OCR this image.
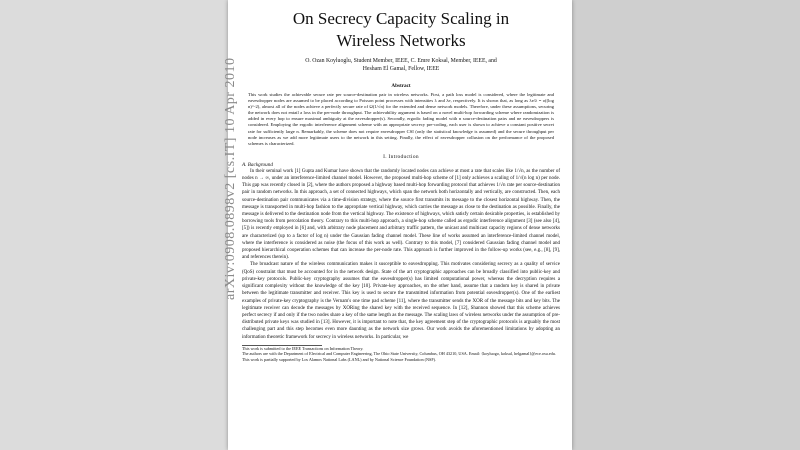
On Secrecy Capacity Scaling in
Wireless Networks
O. Ozan Koyluoglu, Student Member, IEEE, C. Emre Koksal, Member, IEEE, and
Hesham El Gamal, Fellow, IEEE
Abstract
This work studies the achievable secure rate per source-destination pair in wireless networks. First, a path loss model is considered, where the legitimate and eavesdropper nodes are assumed to be placed according to Poisson point processes with intensities λ and λe, respectively. It is shown that, as long as λe/λ = o((log n)^-2), almost all of the nodes achieve a perfectly secure rate of Ω(1/√n) for the extended and dense network models. Therefore, under these assumptions, securing the network does not entail a loss in the per-node throughput. The achievability argument is based on a novel multi-hop forwarding scheme where randomization is added in every hop to ensure maximal ambiguity at the eavesdropper(s). Secondly, ergodic fading model with n source-destination pairs and ne eavesdroppers is considered. Employing the ergodic interference alignment scheme with an appropriate secrecy pre-coding, each user is shown to achieve a constant positive secret rate for sufficiently large n. Remarkably, the scheme does not require eavesdropper CSI (only the statistical knowledge is assumed) and the secure throughput per node increases as we add more legitimate users to the network in this setting. Finally, the effect of eavesdropper collusion on the performance of the proposed schemes is characterized.
I. Introduction
A. Background
In their seminal work [1] Gupta and Kumar have shown that the randomly located nodes can achieve at most a rate that scales like 1/√n, as the number of nodes n → ∞, under an interference-limited channel model. However, the proposed multi-hop scheme of [1] only achieves a scaling of 1/√(n log n) per node. This gap was recently closed in [2], where the authors proposed a highway based multi-hop forwarding protocol that achieves 1/√n rate per source-destination pair in random networks. In this approach, a set of connected highways, which span the network both horizontally and vertically, are constructed. Then, each source-destination pair communicates via a time-division strategy, where the source first transmits its message to the closest horizontal highway. Then, the message is transported in multi-hop fashion to the appropriate vertical highway, which carries the message as close to the destination as possible. Finally, the message is delivered to the destination node from the vertical highway. The existence of highways, which satisfy certain desirable properties, is established by borrowing tools from percolation theory. Contrary to this multi-hop approach, a single-hop scheme called as ergodic interference alignment [3] (see also [4], [5]) is recently employed in [6] and, with arbitrary node placement and arbitrary traffic pattern, the unicast and multicast capacity regions of dense networks are characterized (up to a factor of log n) under the Gaussian fading channel model. These line of works assumed an interference-limited channel model, where the interference is considered as noise (the focus of this work as well). Contrary to this model, [7] considered Gaussian fading channel model and proposed hierarchical cooperation schemes that can increase the per-node rate. This approach is further improved in the follow-up works (see, e.g., [8], [9], and references therein).
The broadcast nature of the wireless communication makes it susceptible to eavesdropping. This motivates considering secrecy as a quality of service (QoS) constraint that must be accounted for in the network design. State of the art cryptographic approaches can be broadly classified into public-key and private-key protocols. Public-key cryptography assumes that the eavesdropper(s) has limited computational power, whereas the decryption requires a significant complexity without the knowledge of the key [10]. Private-key approaches, on the other hand, assume that a random key is shared in private between the legitimate transmitter and receiver. This key is used to secure the transmitted information from potential eavesdropper(s). One of the earliest examples of private-key cryptography is the Vernam's one time pad scheme [11], where the transmitter sends the XOR of the message bits and key bits. The legitimate receiver can decode the messages by XORing the shared key with the received sequence. In [12], Shannon showed that this scheme achieves perfect secrecy if and only if the two nodes share a key of the same length as the message. The scaling laws of wireless networks under the assumption of pre-distributed private keys was studied in [13]. However, it is important to note that, the key agreement step of the cryptographic protocols is arguably the most challenging part and this step becomes even more daunting as the network size grows. Our work avoids the aforementioned limitations by adopting an information theoretic framework for secrecy in wireless networks. In particular, we
This work is submitted to the IEEE Transactions on Information Theory.
The authors are with the Department of Electrical and Computer Engineering, The Ohio State University, Columbus, OH 43210, USA. Email: {koyluogo, koksal, helgamal}@ece.osu.edu.
This work is partially supported by Los Alamos National Labs (LANL) and by National Science Foundation (NSF).
arXiv:0908.0898v2 [cs.IT] 10 Apr 2010
